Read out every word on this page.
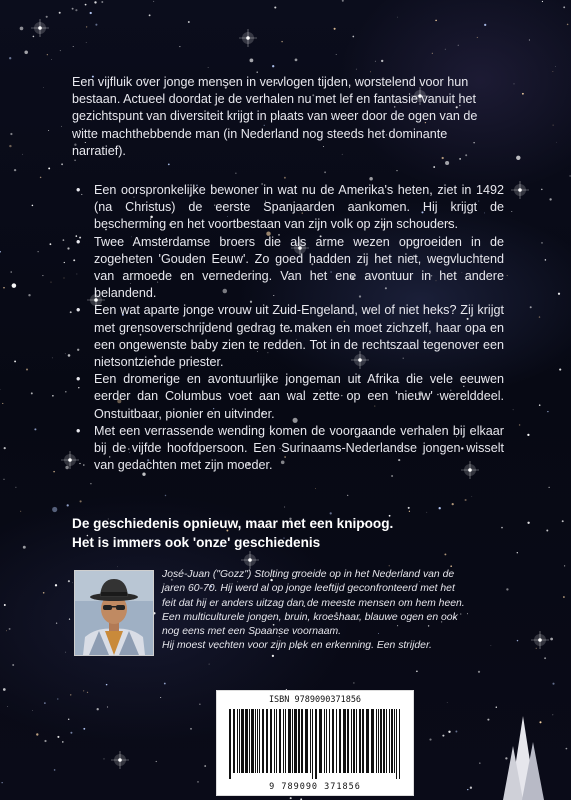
Een vijfluik over jonge mensen in vervlogen tijden, worstelend voor hun bestaan. Actueel doordat je de verhalen nu met lef en fantasie vanuit het gezichtspunt van diversiteit krijgt in plaats van weer door de ogen van de witte machthebbende man (in Nederland nog steeds het dominante narratief).

• Een oorspronkelijke bewoner in wat nu de Amerika's heten, ziet in 1492 (na Christus) de eerste Spanjaarden aankomen. Hij krijgt de bescherming en het voortbestaan van zijn volk op zijn schouders.
• Twee Amsterdamse broers die als arme wezen opgroeiden in de zogeheten 'Gouden Eeuw'. Zo goed hadden zij het niet, wegvluchtend van armoede en vernedering. Van het ene avontuur in het andere belandend.
• Een wat aparte jonge vrouw uit Zuid-Engeland, wel of niet heks? Zij krijgt met grensoverschrijdend gedrag te maken en moet zichzelf, haar opa en een ongewenste baby zien te redden. Tot in de rechtszaal tegenover een nietsontziende priester.
• Een dromerige en avontuurlijke jongeman uit Afrika die vele eeuwen eerder dan Columbus voet aan wal zette op een 'nieuw' werelddeel. Onstuitbaar, pionier en uitvinder.
• Met een verrassende wending komen de voorgaande verhalen bij elkaar bij de vijfde hoofdpersoon. Een Surinaams-Nederlandse jongen wisselt van gedachten met zijn moeder.
De geschiedenis opnieuw, maar met een knipoog.
Het is immers ook 'onze' geschiedenis
José-Juan ("Gozz") Stolting groeide op in het Nederland van de
jaren 60-70. Hij werd al op jonge leeftijd geconfronteerd met het
feit dat hij er anders uitzag dan de meeste mensen om hem heen.
Een multiculturele jongen, bruin, kroeshaar, blauwe ogen en ook
nog eens met een Spaanse voornaam.
Hij moest vechten voor zijn plek en erkenning. Een strijder.
ISBN 9789090371856
9 789090 371856
